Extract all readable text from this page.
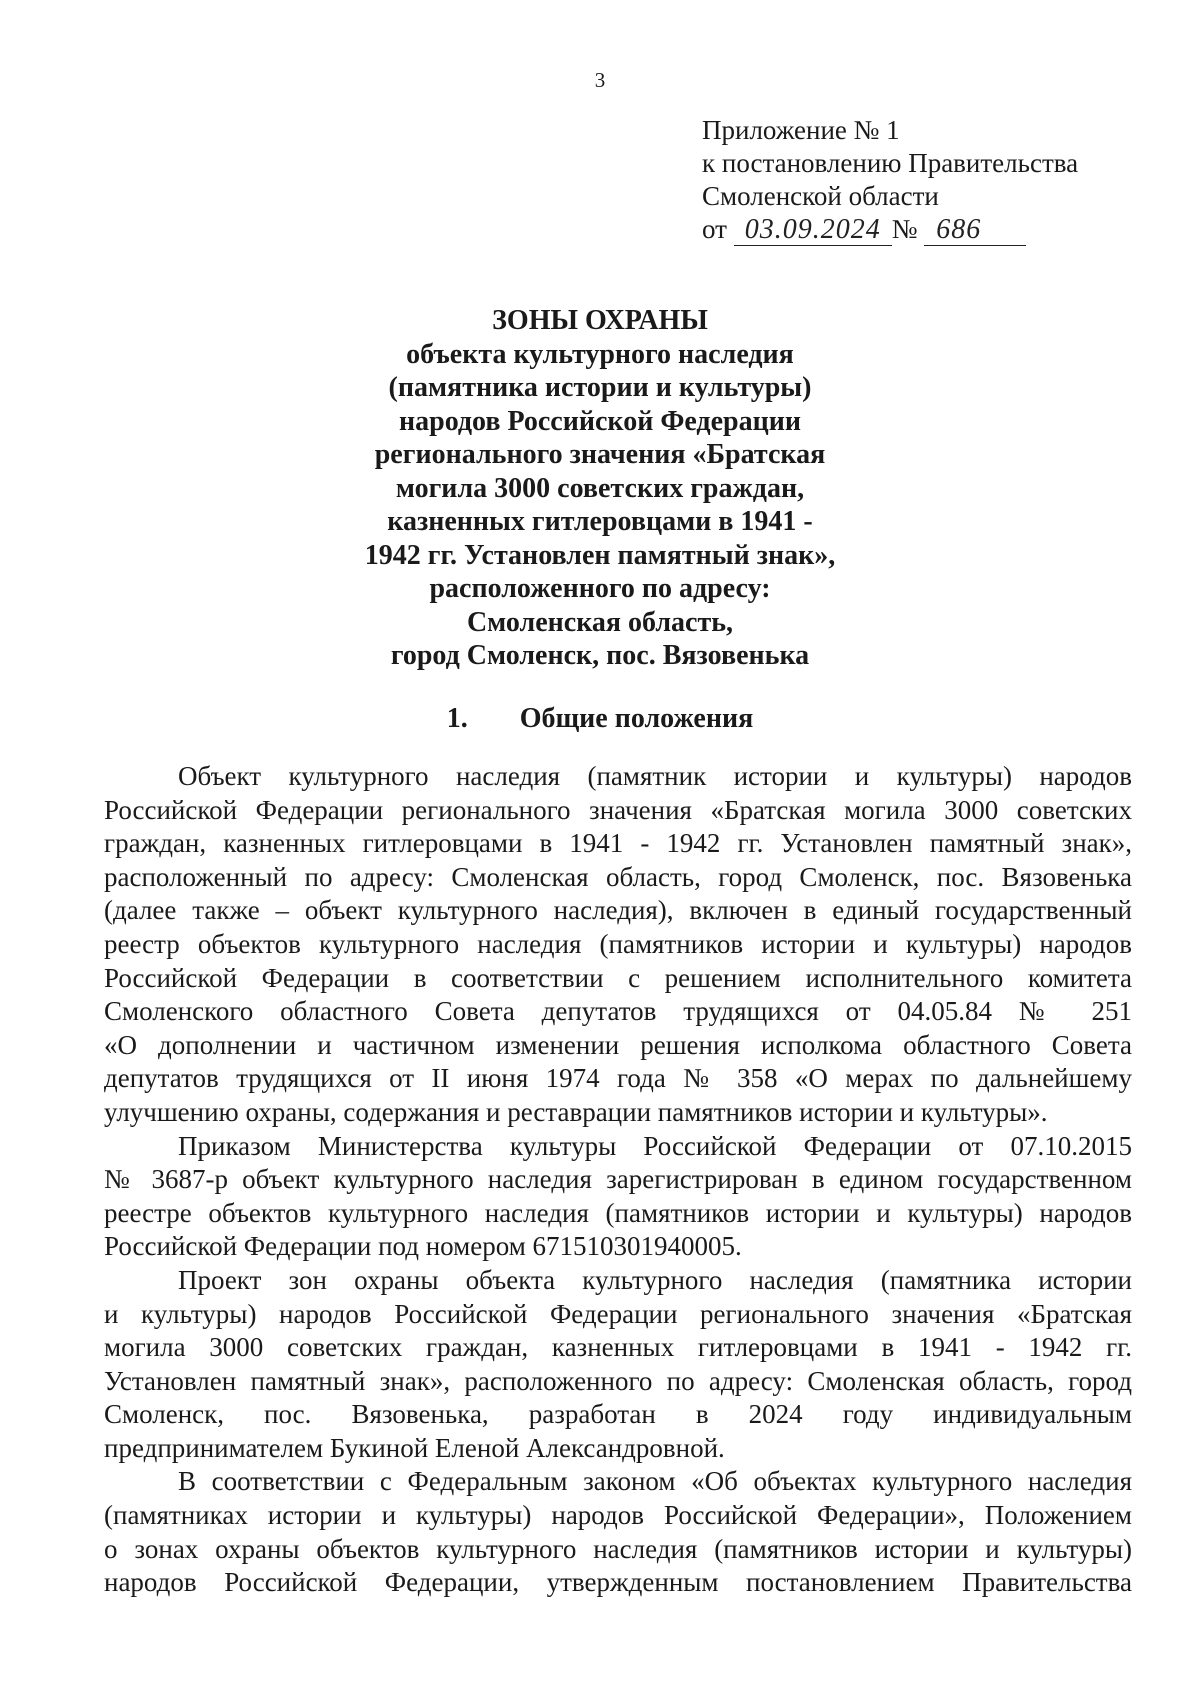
3
Приложение № 1
к постановлению Правительства
Смоленской области
от 03.09.2024 № 686
ЗОНЫ ОХРАНЫ
объекта культурного наследия
(памятника истории и культуры)
народов Российской Федерации
регионального значения «Братская
могила 3000 советских граждан,
казненных гитлеровцами в 1941 -
1942 гг. Установлен памятный знак»,
расположенного по адресу:
Смоленская область,
город Смоленск, пос. Вязовенька
1. Общие положения

Объект культурного наследия (памятник истории и культуры) народов
Российской Федерации регионального значения «Братская могила 3000 советских
граждан, казненных гитлеровцами в 1941 - 1942 гг. Установлен памятный знак»,
расположенный по адресу: Смоленская область, город Смоленск, пос. Вязовенька
(далее также – объект культурного наследия), включен в единый государственный
реестр объектов культурного наследия (памятников истории и культуры) народов
Российской Федерации в соответствии с решением исполнительного комитета
Смоленского областного Совета депутатов трудящихся от 04.05.84 № 251
«О дополнении и частичном изменении решения исполкома областного Совета
депутатов трудящихся от II июня 1974 года № 358 «О мерах по дальнейшему
улучшению охраны, содержания и реставрации памятников истории и культуры».

Приказом Министерства культуры Российской Федерации от 07.10.2015
№ 3687-р объект культурного наследия зарегистрирован в едином государственном
реестре объектов культурного наследия (памятников истории и культуры) народов
Российской Федерации под номером 671510301940005.

Проект зон охраны объекта культурного наследия (памятника истории
и культуры) народов Российской Федерации регионального значения «Братская
могила 3000 советских граждан, казненных гитлеровцами в 1941 - 1942 гг.
Установлен памятный знак», расположенного по адресу: Смоленская область, город
Смоленск, пос. Вязовенька, разработан в 2024 году индивидуальным
предпринимателем Букиной Еленой Александровной.

В соответствии с Федеральным законом «Об объектах культурного наследия
(памятниках истории и культуры) народов Российской Федерации», Положением
о зонах охраны объектов культурного наследия (памятников истории и культуры)
народов Российской Федерации, утвержденным постановлением Правительства
